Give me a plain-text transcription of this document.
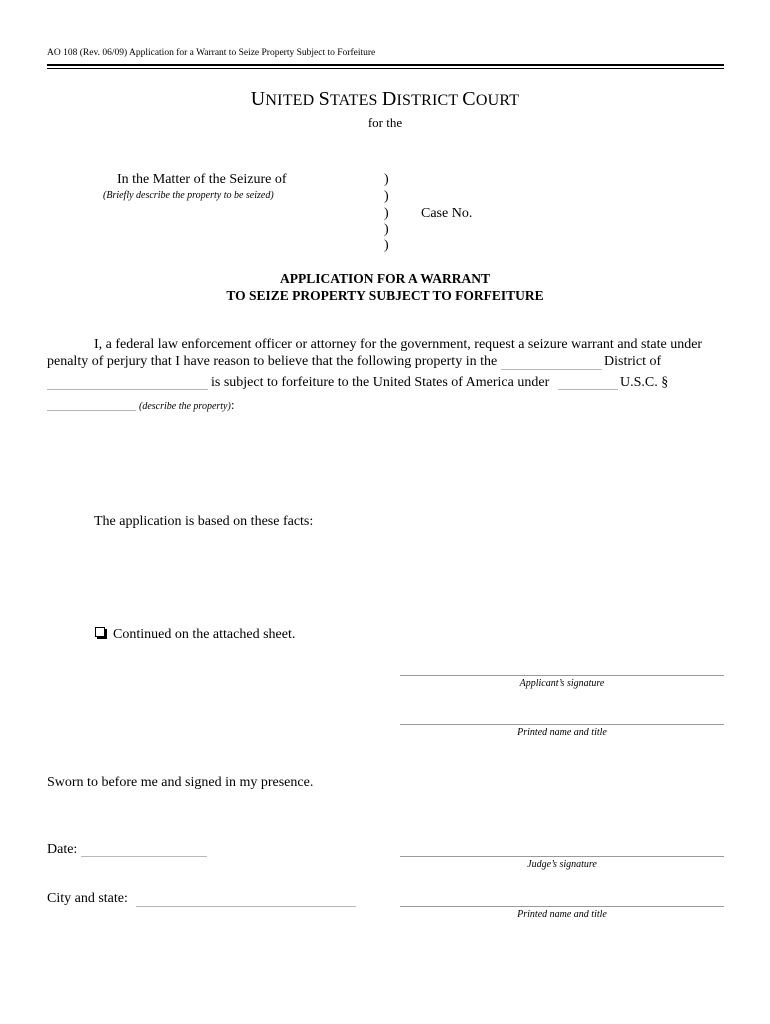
AO 108 (Rev. 06/09) Application for a Warrant to Seize Property Subject to Forfeiture
UNITED STATES DISTRICT COURT
for the
In the Matter of the Seizure of
(Briefly describe the property to be seized)
)
)
)
)
)
Case No.
APPLICATION FOR A WARRANT
TO SEIZE PROPERTY SUBJECT TO FORFEITURE
I, a federal law enforcement officer or attorney for the government, request a seizure warrant and state under
penalty of perjury that I have reason to believe that the following property in the	District of
is subject to forfeiture to the United States of America under	U.S.C. §
(describe the property):
The application is based on these facts:
Continued on the attached sheet.
Applicant’s signature
Printed name and title
Sworn to before me and signed in my presence.
Date:
Judge’s signature
City and state:
Printed name and title
